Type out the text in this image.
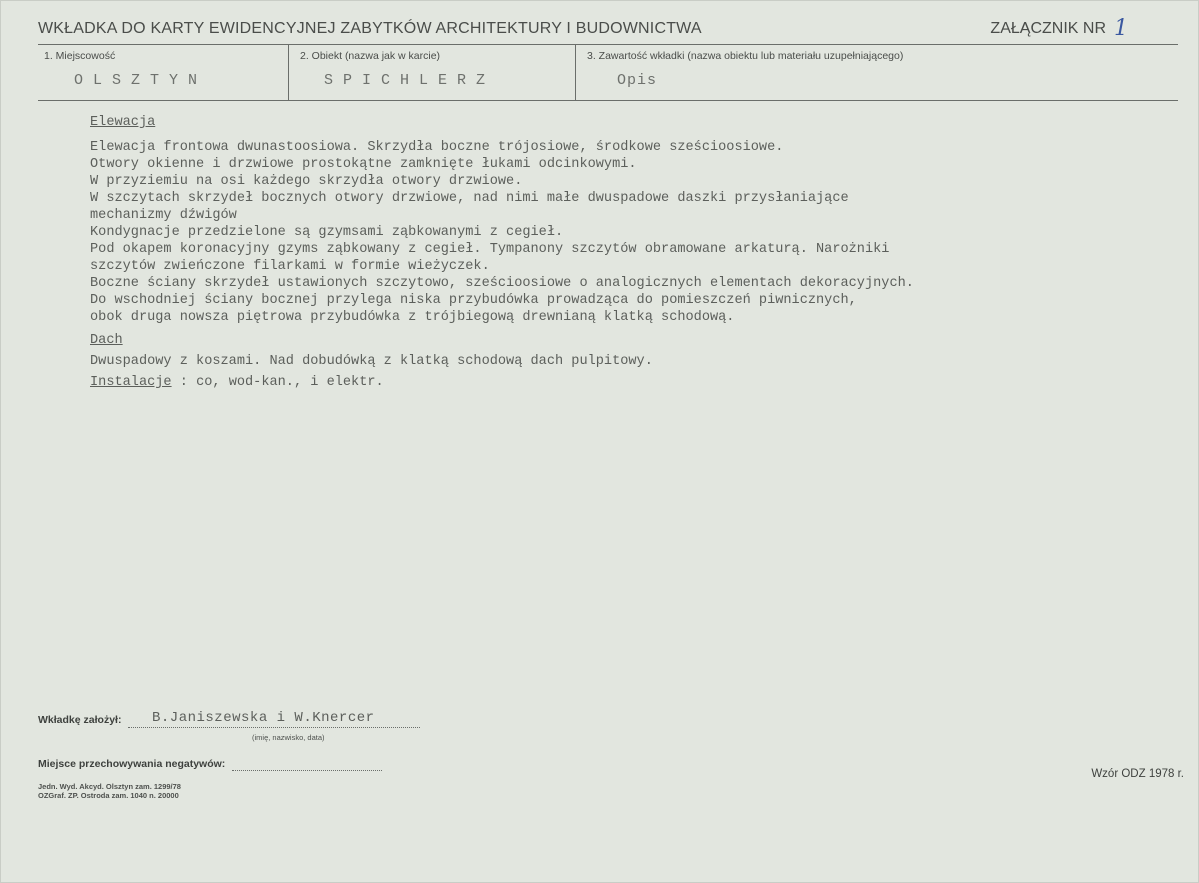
WKŁADKA DO KARTY EWIDENCYJNEJ ZABYTKÓW ARCHITEKTURY I BUDOWNICTWA	ZAŁĄCZNIK NR 1
1. Miejscowość
OLSZTYN
2. Obiekt (nazwa jak w karcie)
SPICHLERZ
3. Zawartość wkładki (nazwa obiektu lub materiału uzupełniającego)
Opis
Elewacja
Elewacja frontowa dwunastoosiowa. Skrzydła boczne trójosiowe, środkowe sześcioosiowe.
Otwory okienne i drzwiowe prostokątne zamknięte łukami odcinkowymi.
W przyziemiu na osi każdego skrzydła otwory drzwiowe.
W szczytach skrzydeł bocznych otwory drzwiowe, nad nimi małe dwuspadowe daszki przysłaniające
mechanizmy dźwigów
Kondygnacje przedzielone są gzymsami ząbkowanymi z cegieł.
Pod okapem koronacyjny gzyms ząbkowany z cegieł. Tympanony szczytów obramowane arkaturą. Narożniki
szczytów zwieńczone filarkami w formie wieżyczek.
Boczne ściany skrzydeł ustawionych szczytowo, sześcioosiowe o analogicznych elementach dekoracyjnych.
Do wschodniej ściany bocznej przylega niska przybudówka prowadząca do pomieszczeń piwnicznych,
obok druga nowsza piętrowa przybudówka z trójbiegową drewnianą klatką schodową.
Dach
Dwuspadowy z koszami. Nad dobudówką z klatką schodową dach pulpitowy.
Instalacje : co, wod-kan., i elektr.
Wkładkę założył: B.Janiszewska i W.Knercer
(imię, nazwisko, data)
Miejsce przechowywania negatywów:
Jedn. Wyd. Akcyd. Olsztyn zam. 1299/78
OZGraf. ZP. Ostroda zam. 1040 n. 20000
Wzór ODZ 1978 r.
